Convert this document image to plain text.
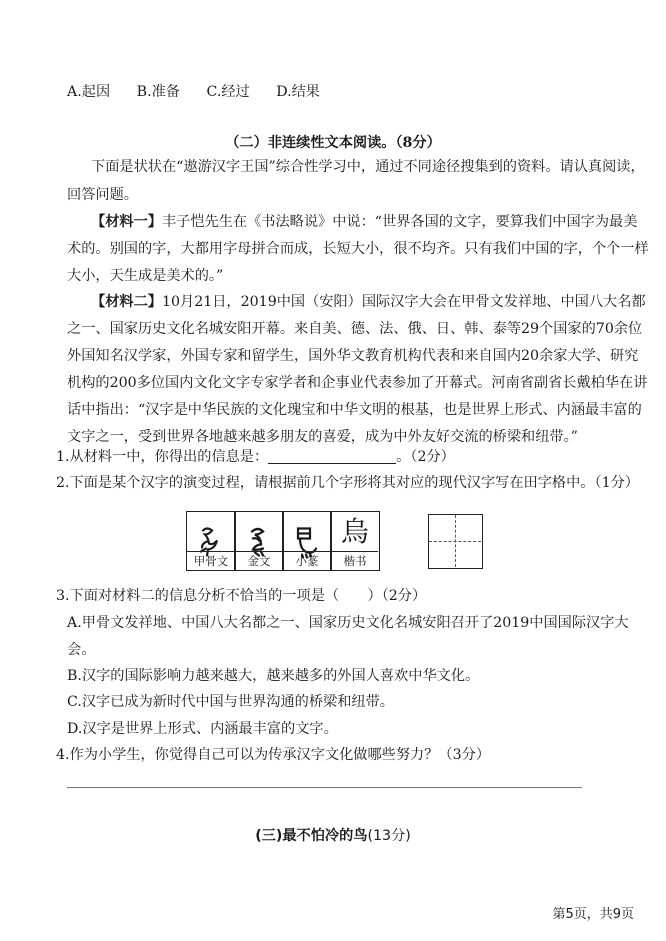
A.起因 B.准备 C.经过 D.结果
（二）非连续性文本阅读。（8分）
下面是状状在“遨游汉字王国”综合性学习中，通过不同途径搜集到的资料。请认真阅读，
回答问题。
【材料一】丰子恺先生在《书法略说》中说：“世界各国的文字，要算我们中国字为最美
术的。别国的字，大都用字母拼合而成，长短大小，很不均齐。只有我们中国的字，个个一样
大小，天生成是美术的。”
【材料二】10月21日，2019中国（安阳）国际汉字大会在甲骨文发祥地、中国八大名都
之一、国家历史文化名城安阳开幕。来自美、德、法、俄、日、韩、泰等29个国家的70余位
外国知名汉学家，外国专家和留学生，国外华文教育机构代表和来自国内20余家大学、研究
机构的200多位国内文化文字专家学者和企事业代表参加了开幕式。河南省副省长戴柏华在讲
话中指出：“汉字是中华民族的文化瑰宝和中华文明的根基，也是世界上形式、内涵最丰富的
文字之一，受到世界各地越来越多朋友的喜爱，成为中外友好交流的桥梁和纽带。”
1.从材料一中，你得出的信息是：	。（2分）
2.下面是某个汉字的演变过程，请根据前几个字形将其对应的现代汉字写在田字格中。（1分）
烏
甲骨文	金文	小篆	楷书
3.下面对材料二的信息分析不恰当的一项是（　　）（2分）
A.甲骨文发祥地、中国八大名都之一、国家历史文化名城安阳召开了2019中国国际汉字大
会。
B.汉字的国际影响力越来越大，越来越多的外国人喜欢中华文化。
C.汉字已成为新时代中国与世界沟通的桥梁和纽带。
D.汉字是世界上形式、内涵最丰富的文字。
4.作为小学生，你觉得自己可以为传承汉字文化做哪些努力？（3分）
(三)最不怕冷的鸟(13分)
第5页，共9页
